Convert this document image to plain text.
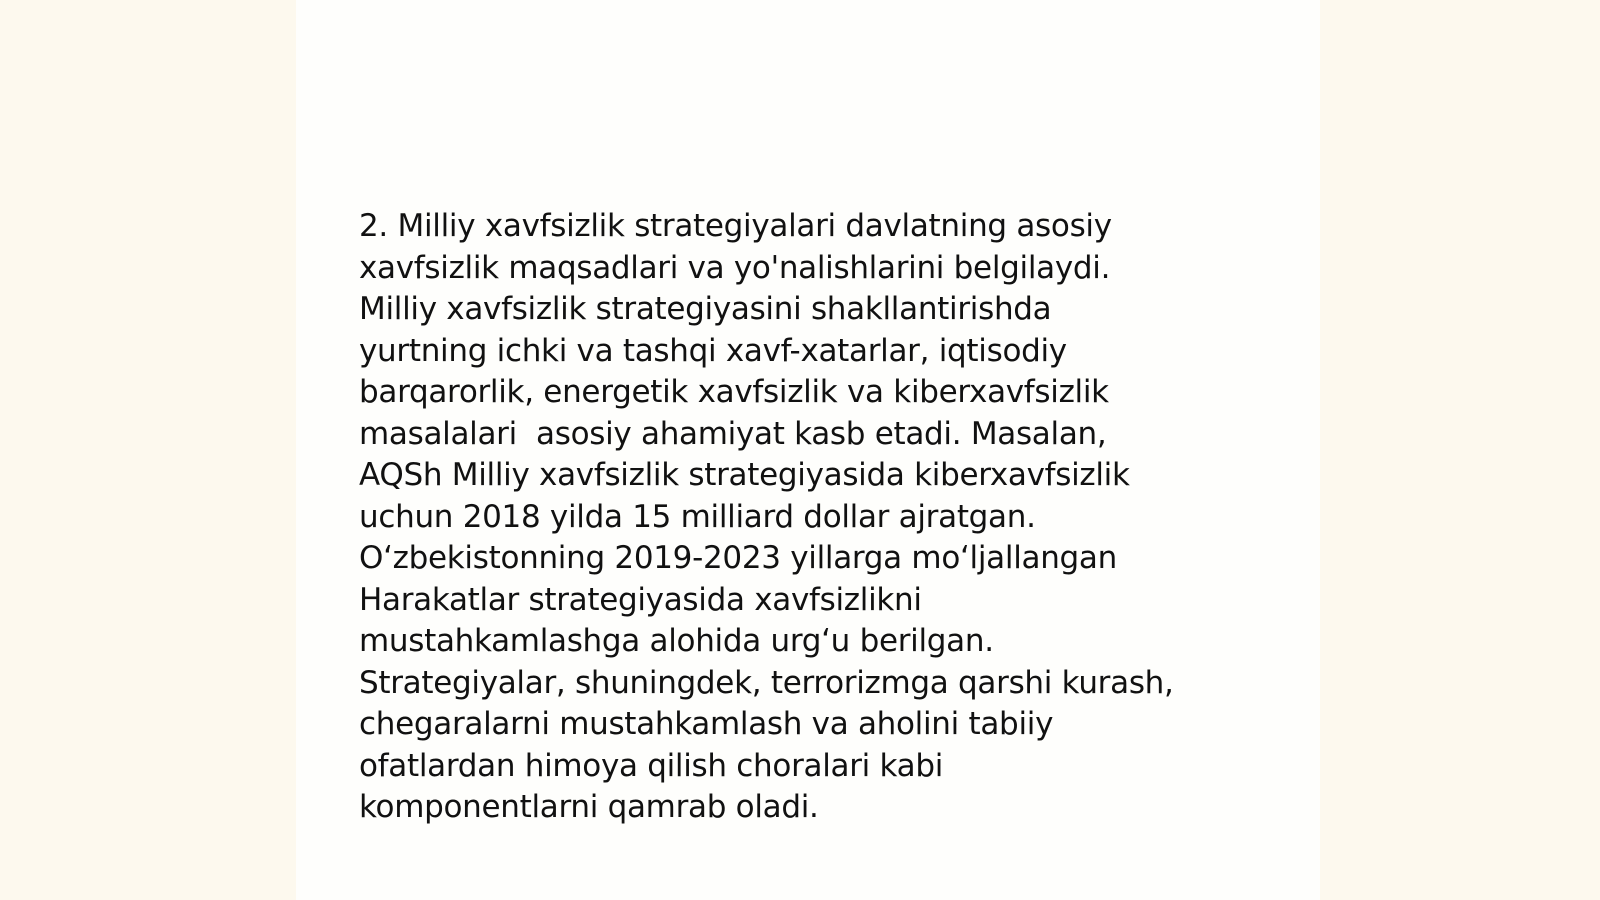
2. Milliy xavfsizlik strategiyalari davlatning asosiy
xavfsizlik maqsadlari va yo'nalishlarini belgilaydi.
Milliy xavfsizlik strategiyasini shakllantirishda
yurtning ichki va tashqi xavf-xatarlar, iqtisodiy
barqarorlik, energetik xavfsizlik va kiberxavfsizlik
masalalari  asosiy ahamiyat kasb etadi. Masalan,
AQSh Milliy xavfsizlik strategiyasida kiberxavfsizlik
uchun 2018 yilda 15 milliard dollar ajratgan.
O‘zbekistonning 2019-2023 yillarga mo‘ljallangan
Harakatlar strategiyasida xavfsizlikni
mustahkamlashga alohida urg‘u berilgan.
Strategiyalar, shuningdek, terrorizmga qarshi kurash,
chegaralarni mustahkamlash va aholini tabiiy
ofatlardan himoya qilish choralari kabi
komponentlarni qamrab oladi.
